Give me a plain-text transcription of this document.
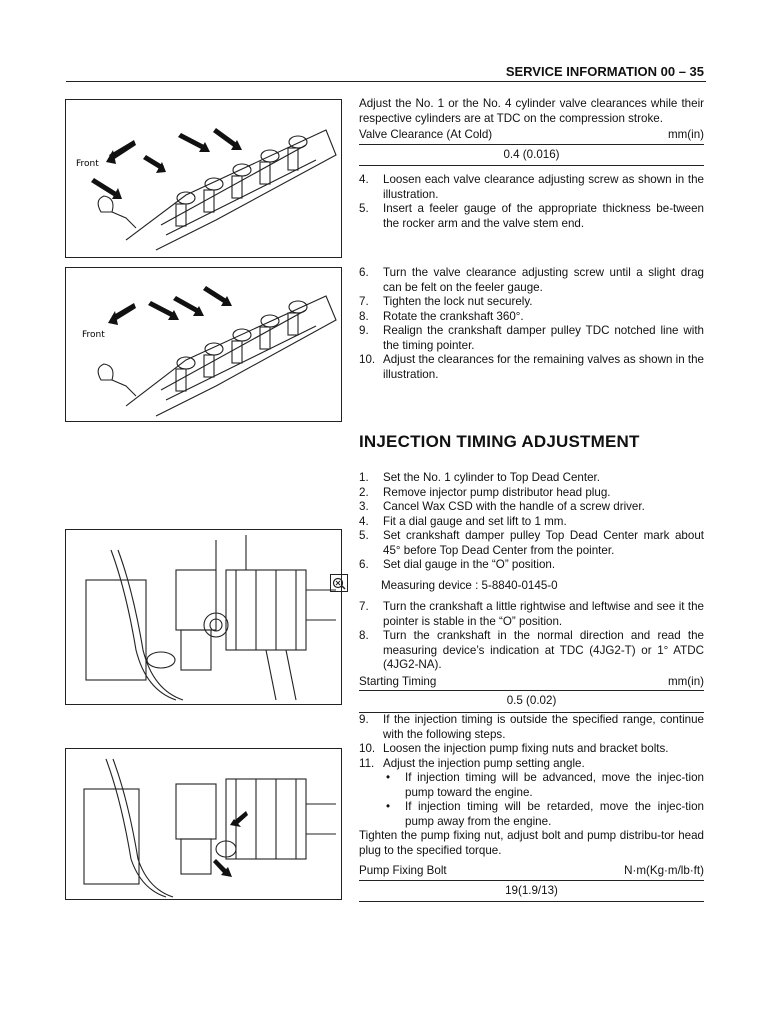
SERVICE INFORMATION 00 – 35
Front
Front

Adjust the No. 1 or the No. 4 cylinder valve clearances while their respective cylinders are at TDC on the compression stroke.

Valve Clearance (At Cold)	mm(in)
0.4 (0.016)
4. Loosen each valve clearance adjusting screw as shown in the illustration.
5. Insert a feeler gauge of the appropriate thickness be-tween the rocker arm and the valve stem end.
6. Turn the valve clearance adjusting screw until a slight drag can be felt on the feeler gauge.
7. Tighten the lock nut securely.
8. Rotate the crankshaft 360°.
9. Realign the crankshaft damper pulley TDC notched line with the timing pointer.
10. Adjust the clearances for the remaining valves as shown in the illustration.
INJECTION TIMING ADJUSTMENT
1. Set the No. 1 cylinder to Top Dead Center.
2. Remove injector pump distributor head plug.
3. Cancel Wax CSD with the handle of a screw driver.
4. Fit a dial gauge and set lift to 1 mm.
5. Set crankshaft damper pulley Top Dead Center mark about 45° before Top Dead Center from the pointer.
6. Set dial gauge in the “O” position.
Measuring device : 5-8840-0145-0
7. Turn the crankshaft a little rightwise and leftwise and see it the pointer is stable in the “O” position.
8. Turn the crankshaft in the normal direction and read the measuring device’s indication at TDC (4JG2-T) or 1° ATDC (4JG2-NA).
Starting Timing	mm(in)
0.5 (0.02)
9. If the injection timing is outside the specified range, continue with the following steps.
10. Loosen the injection pump fixing nuts and bracket bolts.
11. Adjust the injection pump setting angle.
• If injection timing will be advanced, move the injec-tion pump toward the engine.
• If injection timing will be retarded, move the injec-tion pump away from the engine.

Tighten the pump fixing nut, adjust bolt and pump distribu-tor head plug to the specified torque.

Pump Fixing Bolt	N·m(Kg·m/lb·ft)
19(1.9/13)
